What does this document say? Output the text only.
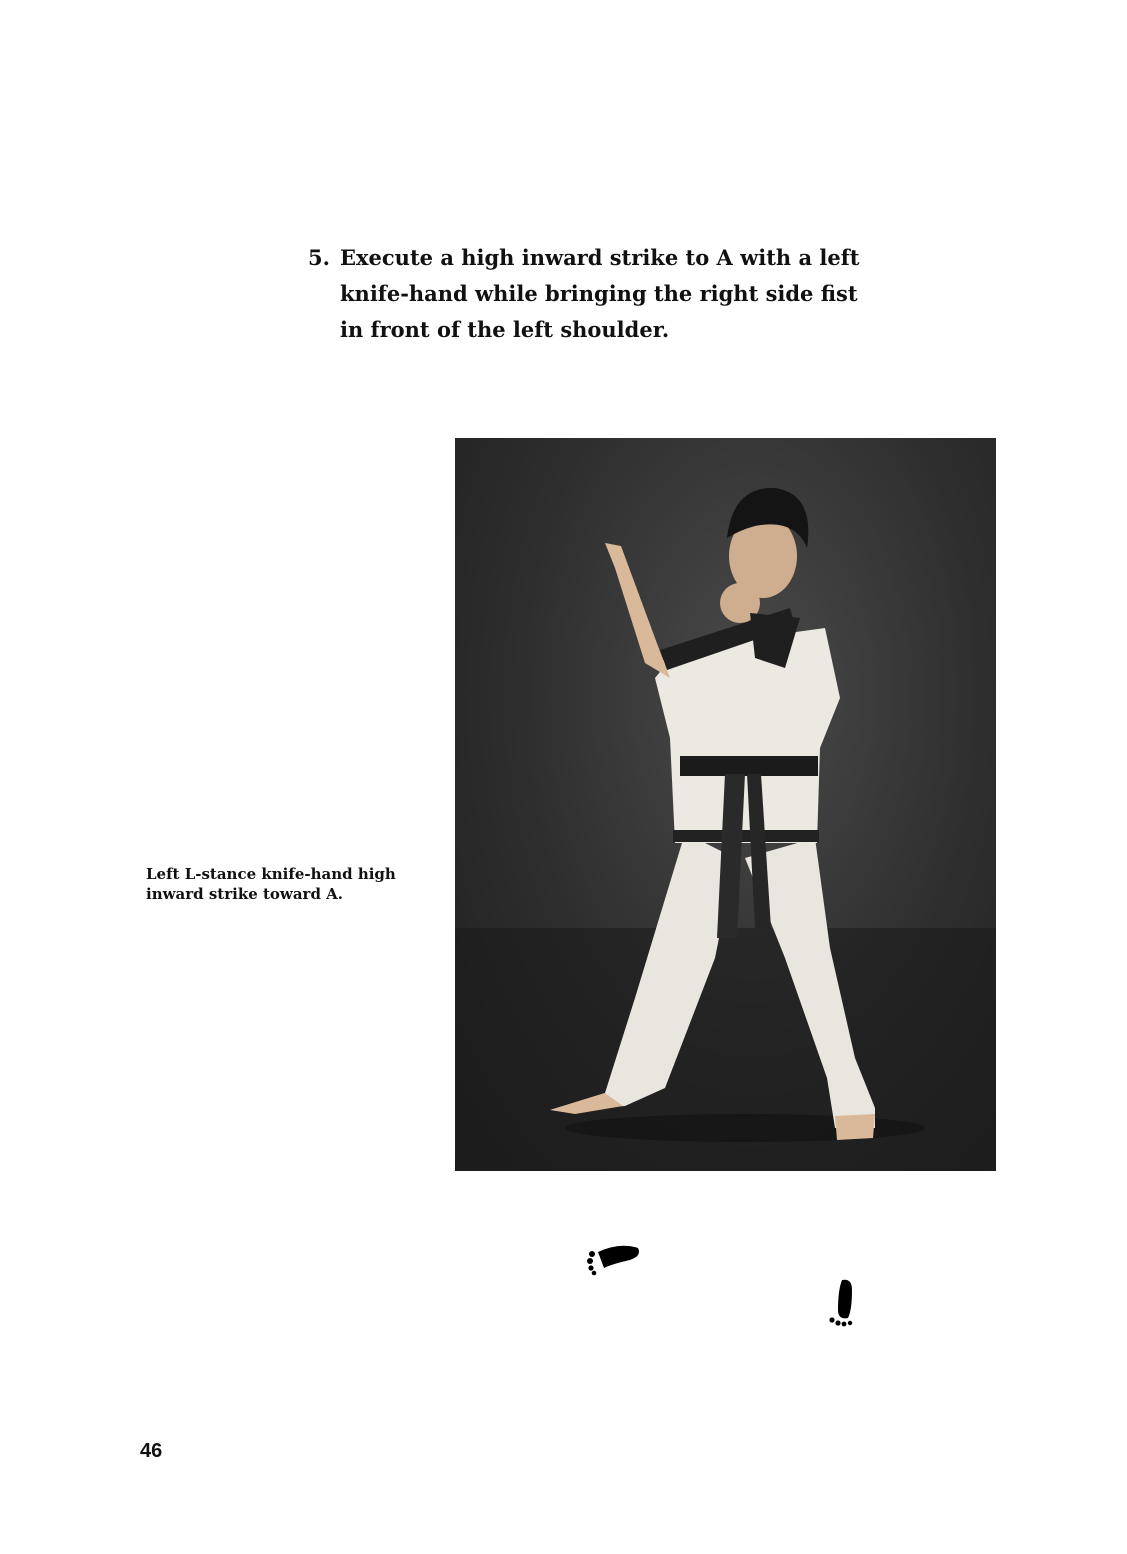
5. Execute a high inward strike to A with a left knife-hand while bringing the right side fist in front of the left shoulder.
Left L-stance knife-hand high inward strike toward A.
46
